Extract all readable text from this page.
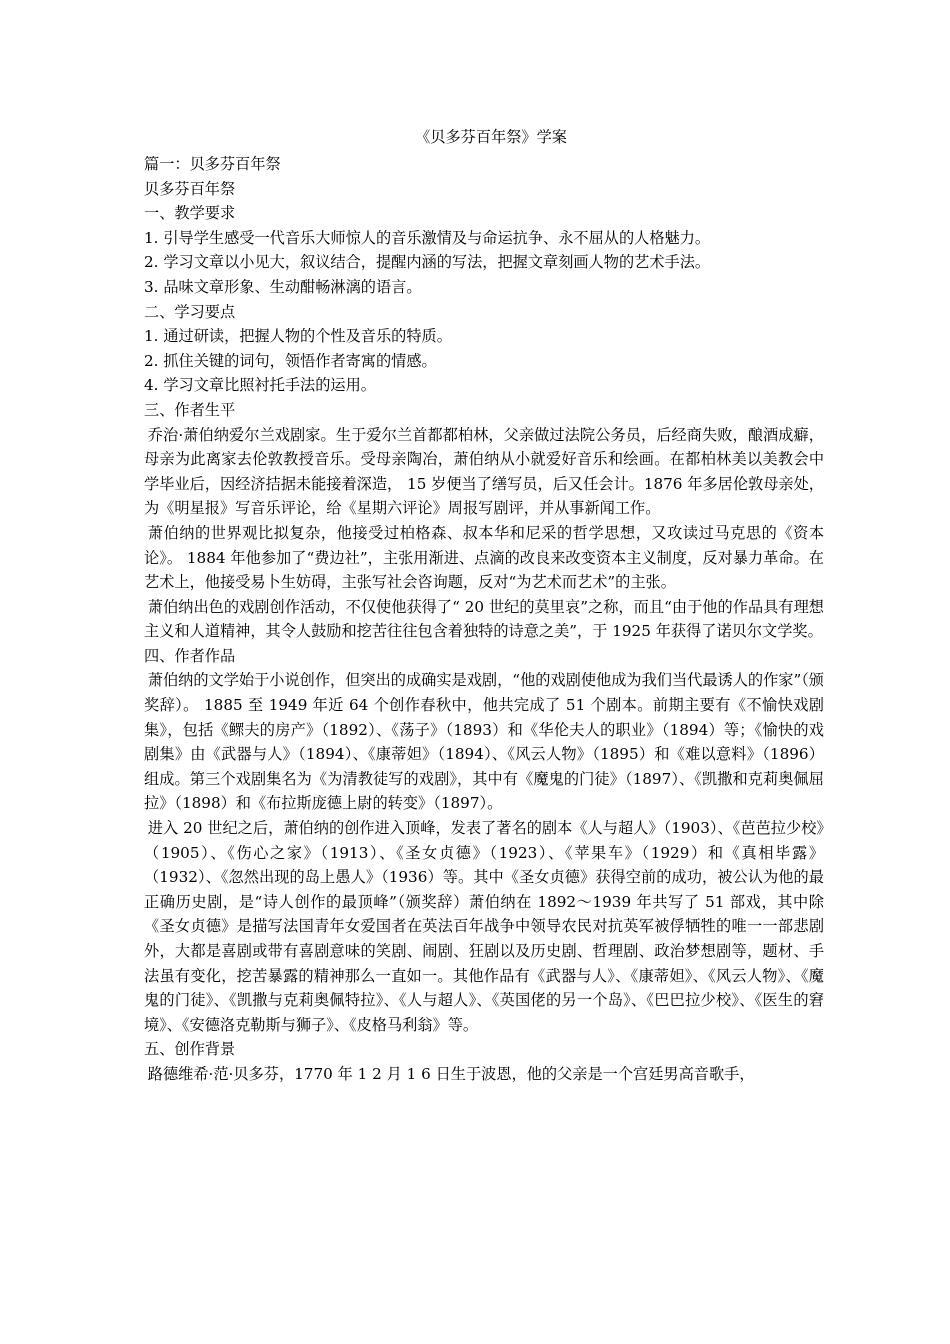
《贝多芬百年祭》学案
篇一：贝多芬百年祭
贝多芬百年祭
一、教学要求
1. 引导学生感受一代音乐大师惊人的音乐激情及与命运抗争、永不屈从的人格魅力。
2. 学习文章以小见大，叙议结合，提醒内涵的写法，把握文章刻画人物的艺术手法。
3. 品味文章形象、生动酣畅淋漓的语言。
二、学习要点
1. 通过研读，把握人物的个性及音乐的特质。
2. 抓住关键的词句，领悟作者寄寓的情感。
4. 学习文章比照衬托手法的运用。
三、作者生平

乔治·萧伯纳爱尔兰戏剧家。生于爱尔兰首都都柏林，父亲做过法院公务员，后经商失败，酿酒成癖，母亲为此离家去伦敦教授音乐。受母亲陶冶，萧伯纳从小就爱好音乐和绘画。在都柏林美以美教会中学毕业后，因经济拮据未能接着深造， 15 岁便当了缮写员，后又任会计。1876 年多居伦敦母亲处，为《明星报》写音乐评论，给《星期六评论》周报写剧评，并从事新闻工作。

萧伯纳的世界观比拟复杂，他接受过柏格森、叔本华和尼采的哲学思想，又攻读过马克思的《资本论》。 1884 年他参加了“费边社”，主张用渐进、点滴的改良来改变资本主义制度，反对暴力革命。在艺术上，他接受易卜生妨碍，主张写社会咨询题，反对“为艺术而艺术”的主张。

萧伯纳出色的戏剧创作活动，不仅使他获得了“ 20 世纪的莫里哀”之称，而且“由于他的作品具有理想主义和人道精神，其令人鼓励和挖苦往往包含着独特的诗意之美”，于 1925 年获得了诺贝尔文学奖。

四、作者作品

萧伯纳的文学始于小说创作，但突出的成确实是戏剧，“他的戏剧使他成为我们当代最诱人的作家”（颁奖辞）。 1885 至 1949 年近 64 个创作春秋中，他共完成了 51 个剧本。前期主要有《不愉快戏剧集》，包括《鳏夫的房产》（1892）、《荡子》（1893）和《华伦夫人的职业》（1894）等；《愉快的戏剧集》由《武器与人》（1894）、《康蒂妲》（1894）、《风云人物》（1895）和《难以意料》（1896）组成。第三个戏剧集名为《为清教徒写的戏剧》，其中有《魔鬼的门徒》（1897）、《凯撒和克莉奥佩屈拉》（1898）和《布拉斯庞德上尉的转变》（1897）。

进入 20 世纪之后，萧伯纳的创作进入顶峰，发表了著名的剧本《人与超人》（1903）、《芭芭拉少校》（1905）、《伤心之家》（1913）、《圣女贞德》（1923）、《苹果车》（1929）和《真相毕露》（1932）、《忽然出现的岛上愚人》（1936）等。其中《圣女贞德》获得空前的成功，被公认为他的最正确历史剧，是“诗人创作的最顶峰”（颁奖辞）萧伯纳在 1892～1939 年共写了 51 部戏，其中除《圣女贞德》是描写法国青年女爱国者在英法百年战争中领导农民对抗英军被俘牺牲的唯一一部悲剧外，大都是喜剧或带有喜剧意味的笑剧、闹剧、狂剧以及历史剧、哲理剧、政治梦想剧等，题材、手法虽有变化，挖苦暴露的精神那么一直如一。其他作品有《武器与人》、《康蒂妲》、《风云人物》、《魔鬼的门徒》、《凯撒与克莉奥佩特拉》、《人与超人》、《英国佬的另一个岛》、《巴巴拉少校》、《医生的窘境》、《安德洛克勒斯与狮子》、《皮格马利翁》等。

五、创作背景

路德维希·范·贝多芬，1770 年 1 2 月 1 6 日生于波恩，他的父亲是一个宫廷男高音歌手，
